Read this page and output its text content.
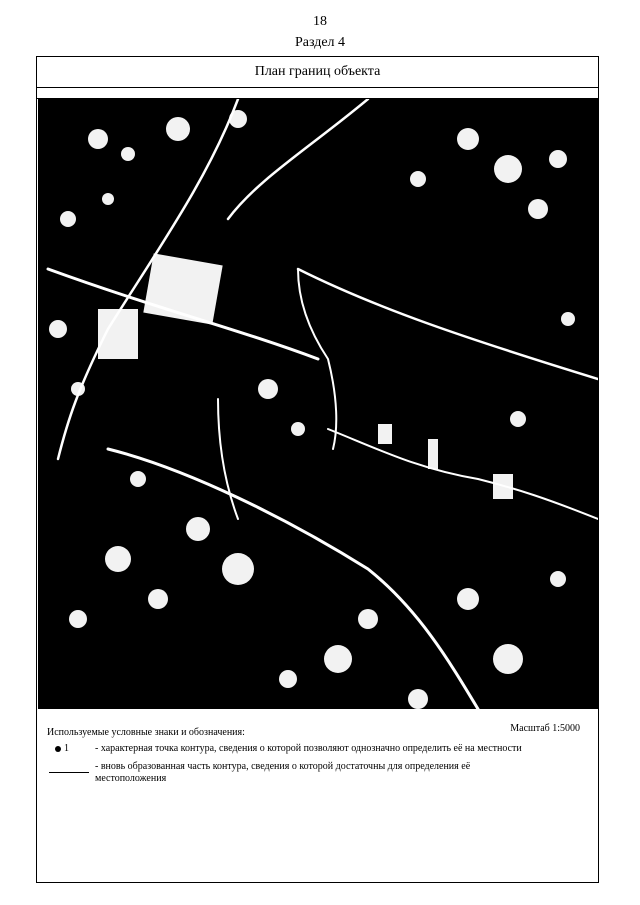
18
Раздел 4
План границ объекта
Используемые условные знаки и обозначения:	Масштаб 1:5000
1	- характерная точка контура, сведения о которой позволяют однозначно определить её на местности
- вновь образованная часть контура, сведения о которой достаточны для определения её
местоположения
